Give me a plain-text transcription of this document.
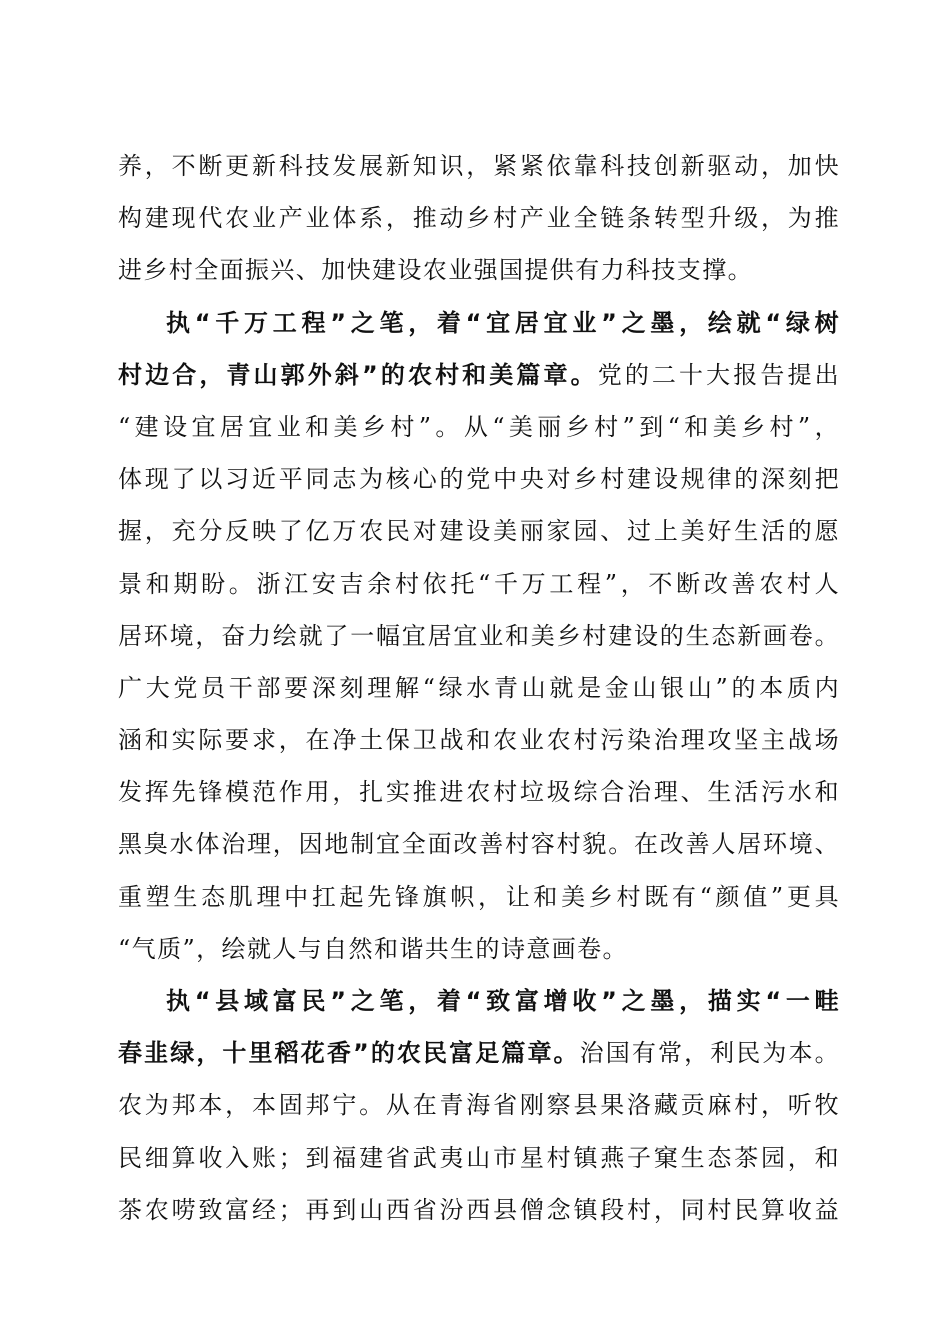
养，不断更新科技发展新知识，紧紧依靠科技创新驱动，加快
构建现代农业产业体系，推动乡村产业全链条转型升级，为推
进乡村全面振兴、加快建设农业强国提供有力科技支撑。
执“千万工程”之笔，着“宜居宜业”之墨，绘就“绿树
村边合，青山郭外斜”的农村和美篇章。党的二十大报告提出
“建设宜居宜业和美乡村”。从“美丽乡村”到“和美乡村”，
体现了以习近平同志为核心的党中央对乡村建设规律的深刻把
握，充分反映了亿万农民对建设美丽家园、过上美好生活的愿
景和期盼。浙江安吉余村依托“千万工程”，不断改善农村人
居环境，奋力绘就了一幅宜居宜业和美乡村建设的生态新画卷。
广大党员干部要深刻理解“绿水青山就是金山银山”的本质内
涵和实际要求，在净土保卫战和农业农村污染治理攻坚主战场
发挥先锋模范作用，扎实推进农村垃圾综合治理、生活污水和
黑臭水体治理，因地制宜全面改善村容村貌。在改善人居环境、
重塑生态肌理中扛起先锋旗帜，让和美乡村既有“颜值”更具
“气质”，绘就人与自然和谐共生的诗意画卷。
执“县域富民”之笔，着“致富增收”之墨，描实“一畦
春韭绿，十里稻花香”的农民富足篇章。治国有常，利民为本。
农为邦本，本固邦宁。从在青海省刚察县果洛藏贡麻村，听牧
民细算收入账；到福建省武夷山市星村镇燕子窠生态茶园，和
茶农唠致富经；再到山西省汾西县僧念镇段村，同村民算收益
